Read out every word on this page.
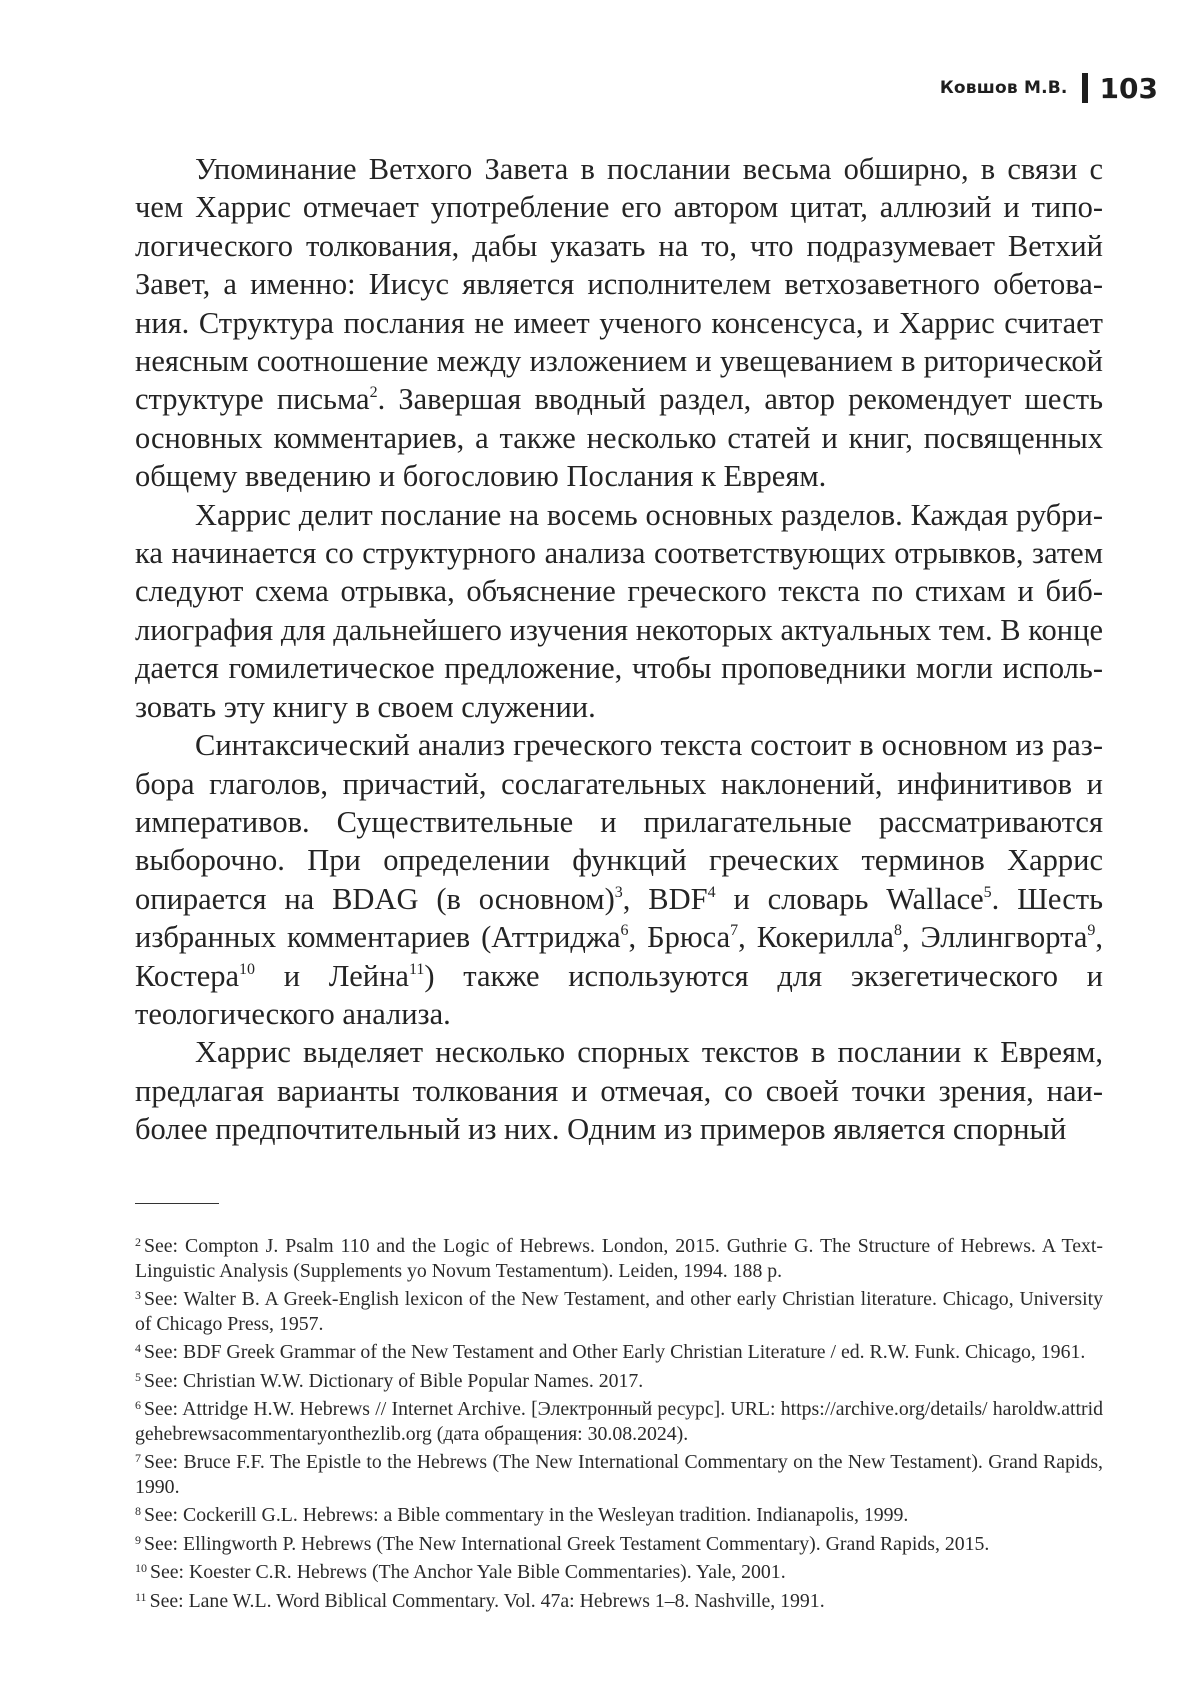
Ковшов М.В. 103

Упоминание Ветхого Завета в послании весьма обширно, в связи с чем Харрис отмечает употребление его автором цитат, аллюзий и типологического толкования, дабы указать на то, что подразумевает Ветхий Завет, а именно: Иисус является исполнителем ветхозаветного обетования. Структура послания не имеет ученого консенсуса, и Харрис считает неясным соотношение между изложением и увещеванием в риторической структуре письма$^2$. Завершая вводный раздел, автор рекомендует шесть основных комментариев, а также несколько статей и книг, посвященных общему введению и богословию Послания к Евреям.

Харрис делит послание на восемь основных разделов. Каждая рубрика начинается со структурного анализа соответствующих отрывков, затем следуют схема отрывка, объяснение греческого текста по стихам и библиография для дальнейшего изучения некоторых актуальных тем. В конце дается гомилетическое предложение, чтобы проповедники могли использовать эту книгу в своем служении.

Синтаксический анализ греческого текста состоит в основном из разбора глаголов, причастий, сослагательных наклонений, инфинитивов и императивов. Существительные и прилагательные рассматриваются выборочно. При определении функций греческих терминов Харрис опирается на BDAG (в основном)$^3$, BDF$^4$ и словарь Wallace$^5$. Шесть избранных комментариев (Аттриджа$^6$, Брюса$^7$, Кокерилла$^8$, Эллингворта$^9$, Костера$^{10}$ и Лейна$^{11}$) также используются для экзегетического и теологического анализа.

Харрис выделяет несколько спорных текстов в послании к Евреям, предлагая варианты толкования и отмечая, со своей точки зрения, наиболее предпочтительный из них. Одним из примеров является спорный

$^2$ See: Compton J. Psalm 110 and the Logic of Hebrews. London, 2015. Guthrie G. The Structure of Hebrews. A Text-Linguistic Analysis (Supplements yo Novum Testamentum). Leiden, 1994. 188 p.
$^3$ See: Walter B. A Greek-English lexicon of the New Testament, and other early Christian literature. Chicago, University of Chicago Press, 1957.
$^4$ See: BDF Greek Grammar of the New Testament and Other Early Christian Literature / ed. R.W. Funk. Chicago, 1961.
$^5$ See: Christian W.W. Dictionary of Bible Popular Names. 2017.
$^6$ See: Attridge H.W. Hebrews // Internet Archive. [Электронный ресурс]. URL: https://archive.org/details/ haroldw.attridgehebrewsacommentaryonthezlib.org (дата обращения: 30.08.2024).
$^7$ See: Bruce F.F. The Epistle to the Hebrews (The New International Commentary on the New Testament). Grand Rapids, 1990.
$^8$ See: Cockerill G.L. Hebrews: a Bible commentary in the Wesleyan tradition. Indianapolis, 1999.
$^9$ See: Ellingworth P. Hebrews (The New International Greek Testament Commentary). Grand Rapids, 2015.
$^{10}$ See: Koester C.R. Hebrews (The Anchor Yale Bible Commentaries). Yale, 2001.
$^{11}$ See: Lane W.L. Word Biblical Commentary. Vol. 47a: Hebrews 1–8. Nashville, 1991.
